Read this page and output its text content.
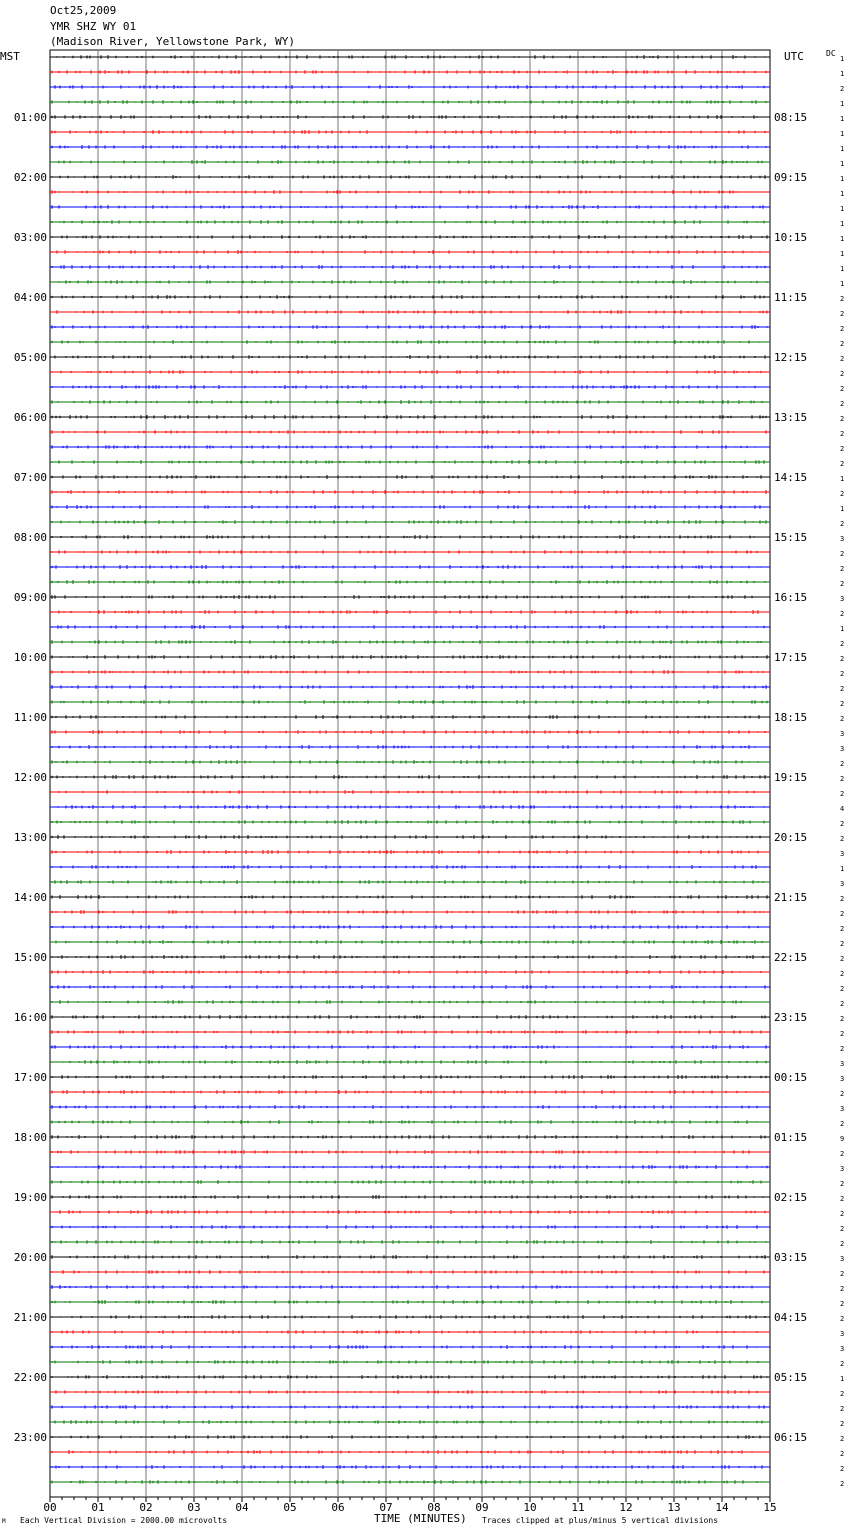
Oct25,2009
YMR SHZ WY 01
(Madison River, Yellowstone Park, WY)
MST	UTC	DC
1
1
2
1
1
1
1
1
1
1
1
1
1
1
1
1
2
2
2
2
2
2
2
2
2
2
2
2
1
2
1
2
3
2
2
2
3
2
1
2
2
2
2
2
2
3
3
2
2
2
4
2
2
3
1
3
2
2
2
2
2
2
2
2
2
2
2
3
3
2
3
2
9
2
3
2
2
2
2
2
3
2
2
2
2
3
3
2
1
2
2
2
2
2
2
2
01:00
02:00
03:00
04:00
05:00
06:00
07:00
08:00
09:00
10:00
11:00
12:00
13:00
14:00
15:00
16:00
17:00
18:00
19:00
20:00
21:00
22:00
23:00
08:15
09:15
10:15
11:15
12:15
13:15
14:15
15:15
16:15
17:15
18:15
19:15
20:15
21:15
22:15
23:15
00:15
01:15
02:15
03:15
04:15
05:15
06:15
00	01	02	03	04	05	06	07	08	09	10	11	12	13	14	15
TIME (MINUTES)
Each Vertical Division = 2000.00 microvolts	Traces clipped at plus/minus 5 vertical divisions
M
